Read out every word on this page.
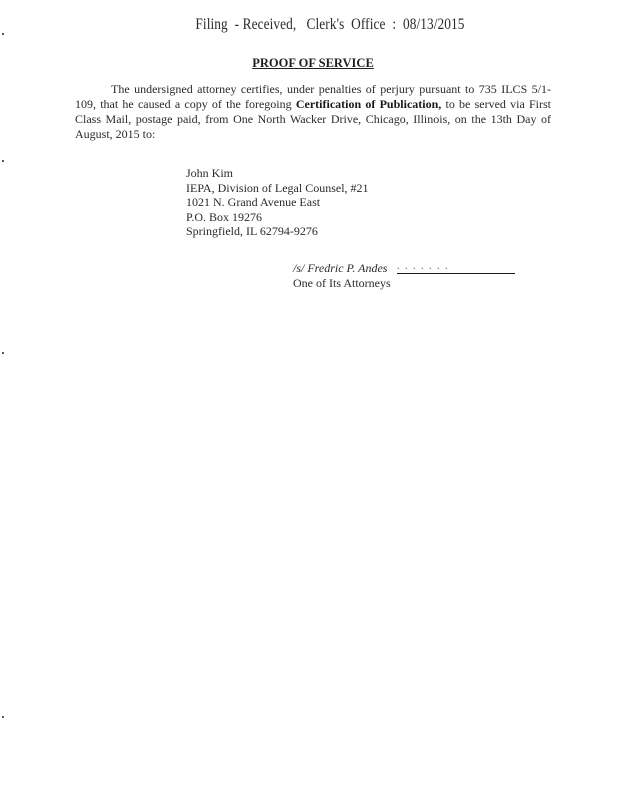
Filing  - Received,   Clerk's  Office  :  08/13/2015
PROOF OF SERVICE

The undersigned attorney certifies, under penalties of perjury pursuant to 735 ILCS 5/1-109, that he caused a copy of the foregoing Certification of Publication, to be served via First Class Mail, postage paid, from One North Wacker Drive, Chicago, Illinois, on the 13th Day of August, 2015 to:

John Kim
IEPA, Division of Legal Counsel, #21
1021 N. Grand Avenue East
P.O. Box 19276
Springfield, IL 62794-9276
/s/ Fredric P. Andes . . . . . . .
One of Its Attorneys
